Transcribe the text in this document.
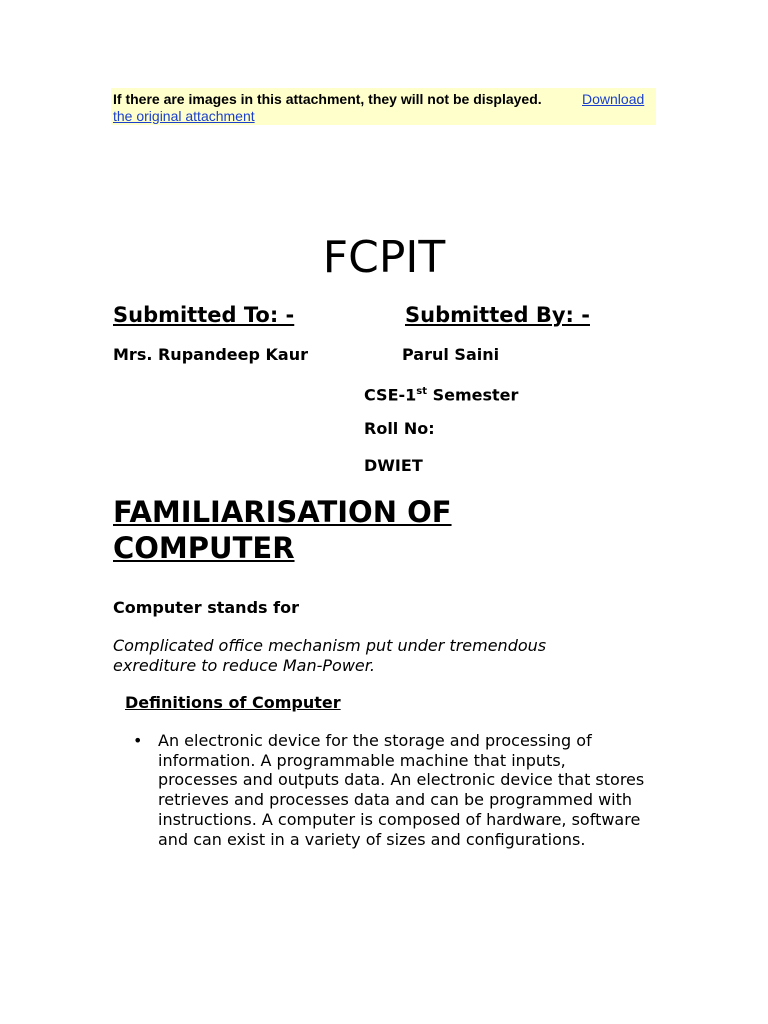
If there are images in this attachment, they will not be displayed.	Download
the original attachment
FCPIT
Submitted To: -	Submitted By: -
Mrs. Rupandeep Kaur	Parul Saini
CSE-1st Semester
Roll No:
DWIET
FAMILIARISATION OF
COMPUTER
Computer stands for
Complicated office mechanism put under tremendous exrediture to reduce Man-Power.
Definitions of Computer
• An electronic device for the storage and processing of information. A programmable machine that inputs, processes and outputs data. An electronic device that stores retrieves and processes data and can be programmed with instructions. A computer is composed of hardware, software and can exist in a variety of sizes and configurations.
